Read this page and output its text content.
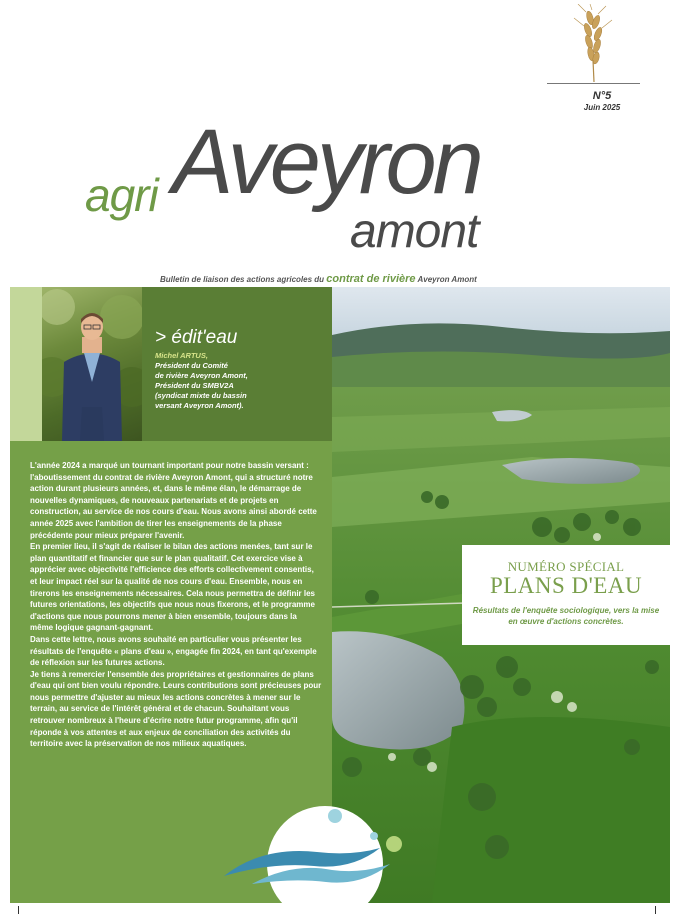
N°5
Juin 2025
agri Aveyron
amont
Bulletin de liaison des actions agricoles du contrat de rivière Aveyron Amont
> édit'eau
Michel ARTUS,
Président du Comité
de rivière Aveyron Amont,
Président du SMBV2A
(syndicat mixte du bassin
versant Aveyron Amont).

L'année 2024 a marqué un tournant important pour notre bassin versant : l'aboutissement du contrat de rivière Aveyron Amont, qui a structuré notre action durant plusieurs années, et, dans le même élan, le démarrage de nouvelles dynamiques, de nouveaux partenariats et de projets en construction, au service de nos cours d'eau. Nous avons ainsi abordé cette année 2025 avec l'ambition de tirer les enseignements de la phase précédente pour mieux préparer l'avenir.

En premier lieu, il s'agit de réaliser le bilan des actions menées, tant sur le plan quantitatif et financier que sur le plan qualitatif. Cet exercice vise à apprécier avec objectivité l'efficience des efforts collectivement consentis, et leur impact réel sur la qualité de nos cours d'eau. Ensemble, nous en tirerons les enseignements nécessaires. Cela nous permettra de définir les futures orientations, les objectifs que nous nous fixerons, et le programme d'actions que nous pourrons mener à bien ensemble, toujours dans la même logique gagnant-gagnant.

Dans cette lettre, nous avons souhaité en particulier vous présenter les résultats de l'enquête « plans d'eau », engagée fin 2024, en tant qu'exemple de réflexion sur les futures actions.

Je tiens à remercier l'ensemble des propriétaires et gestionnaires de plans d'eau qui ont bien voulu répondre. Leurs contributions sont précieuses pour nous permettre d'ajuster au mieux les actions concrètes à mener sur le terrain, au service de l'intérêt général et de chacun. Souhaitant vous retrouver nombreux à l'heure d'écrire notre futur programme, afin qu'il réponde à vos attentes et aux enjeux de conciliation des activités du territoire avec la préservation de nos milieux aquatiques.

NUMÉRO SPÉCIAL
PLANS D'EAU
Résultats de l'enquête sociologique, vers la mise en œuvre d'actions concrètes.
